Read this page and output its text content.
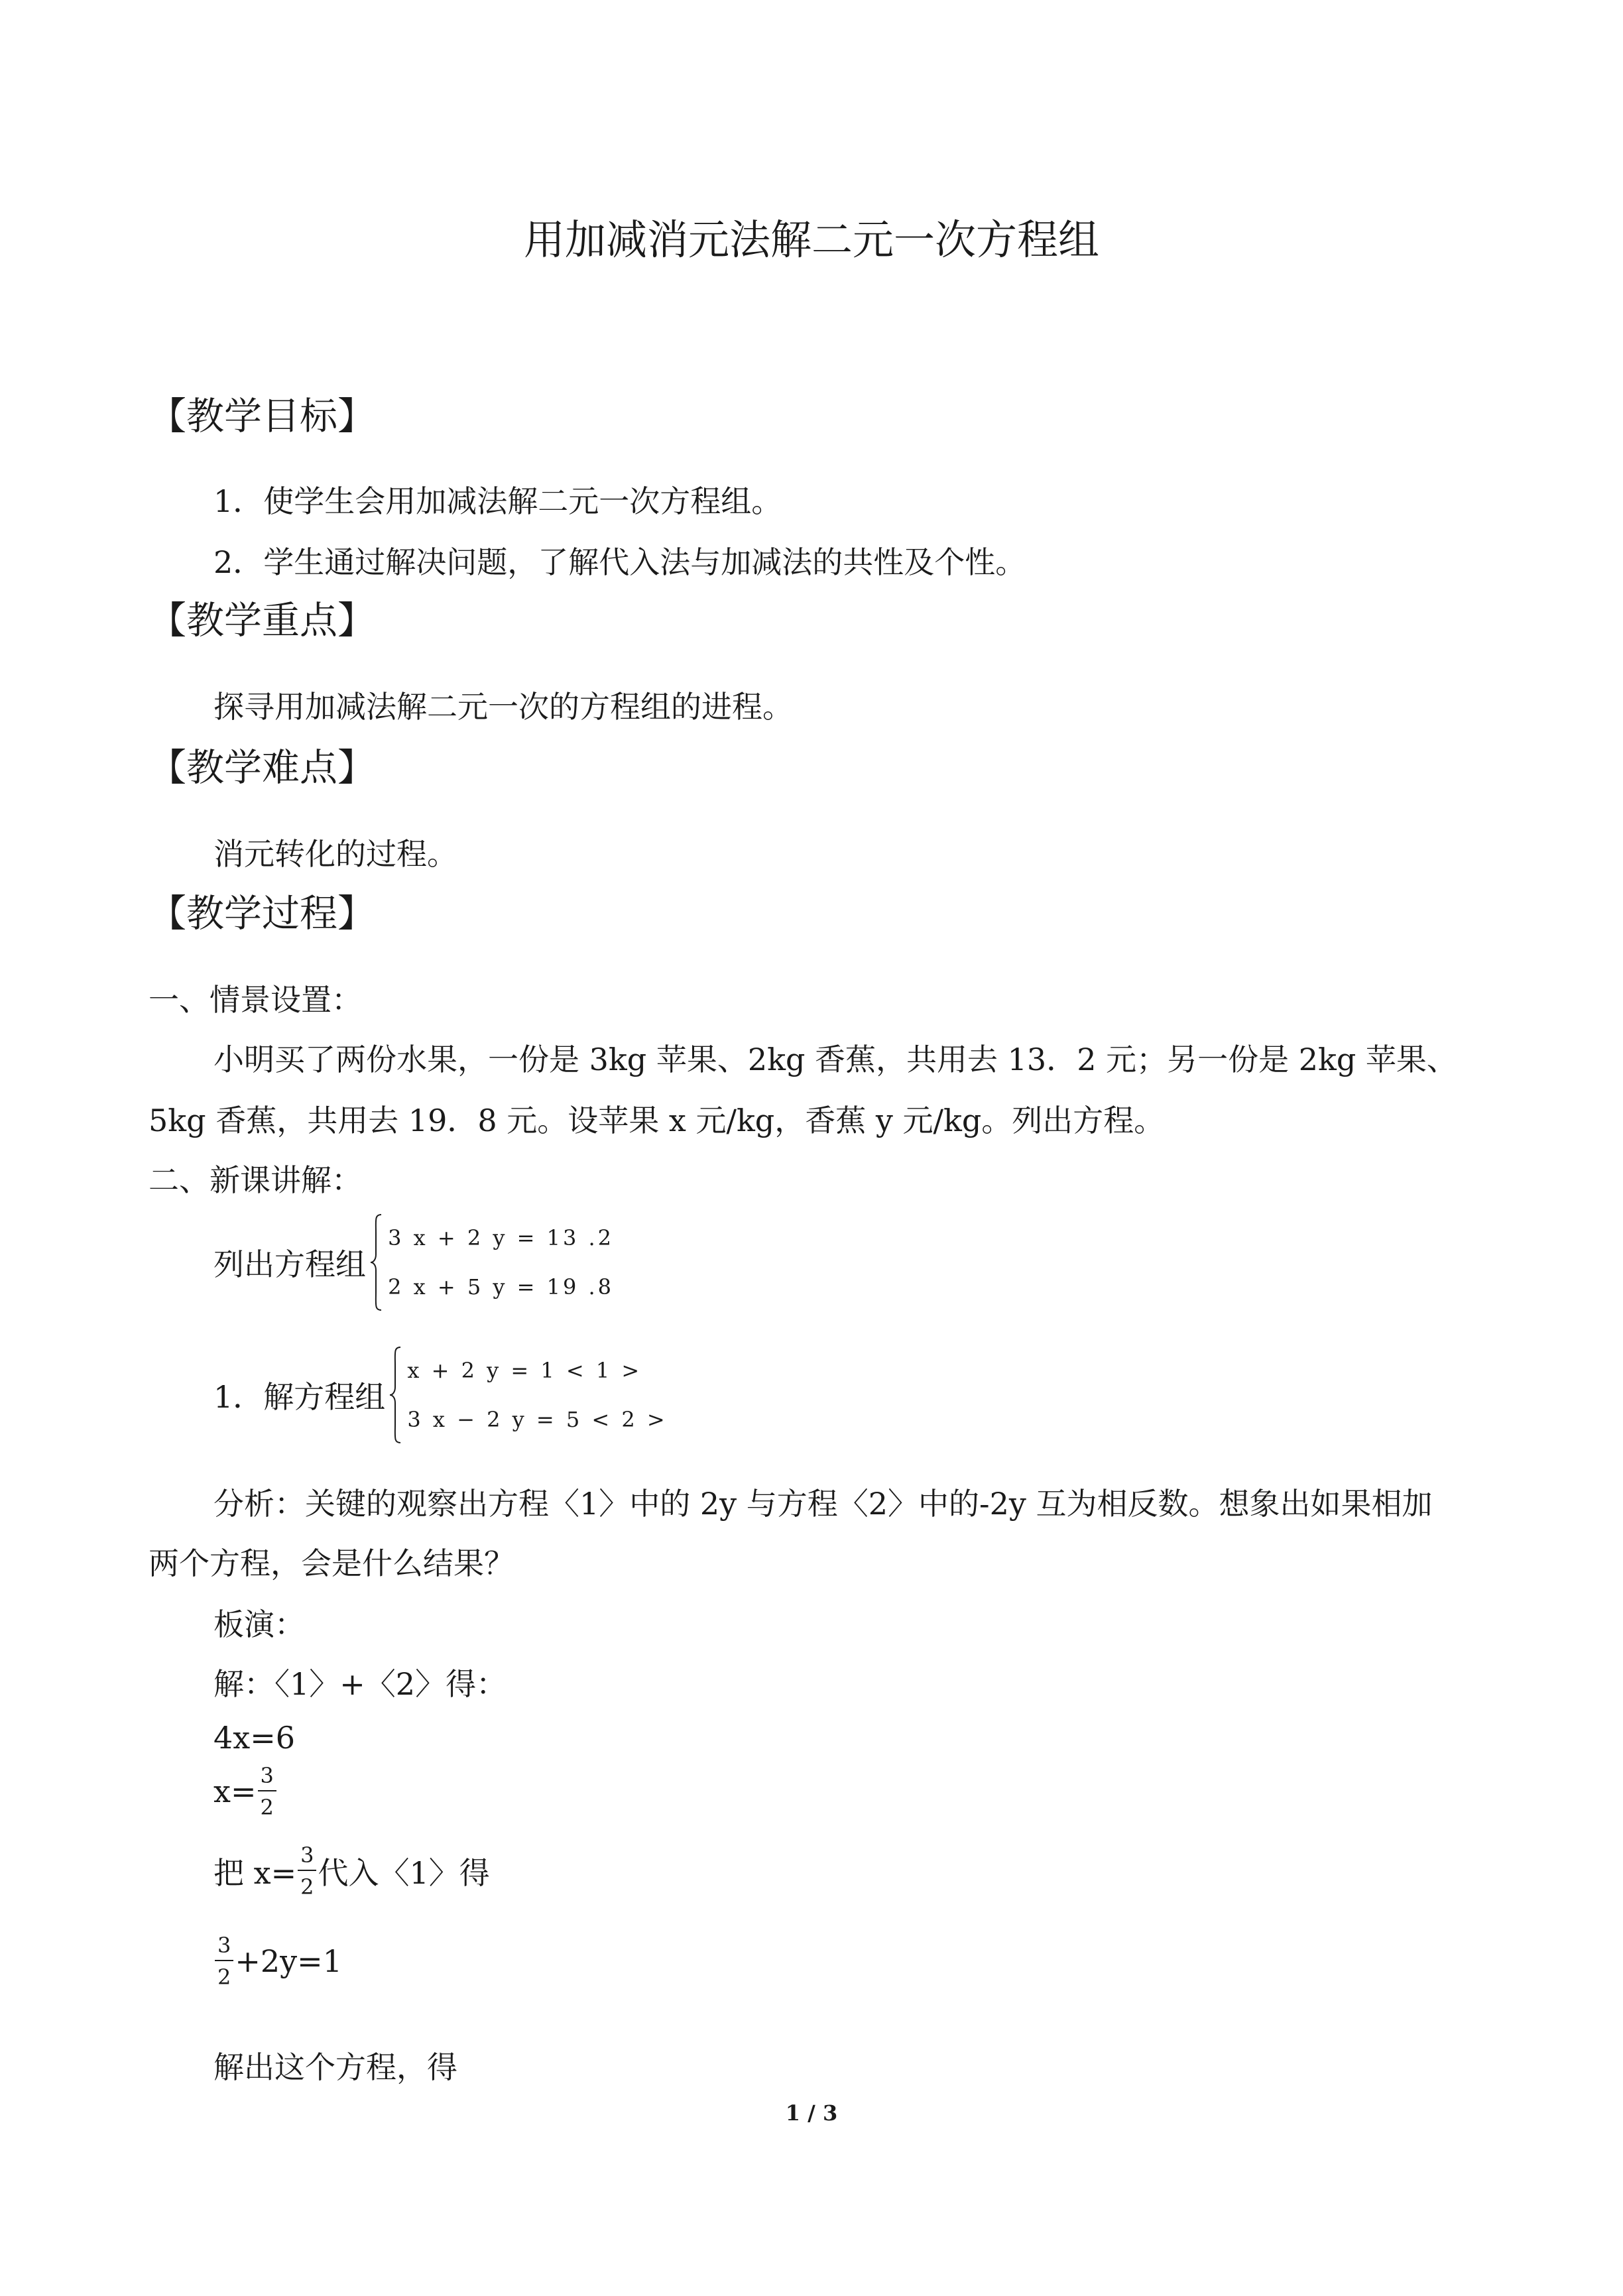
用加减消元法解二元一次方程组
【教学目标】
1．使学生会用加减法解二元一次方程组。
2．学生通过解决问题，了解代入法与加减法的共性及个性。
【教学重点】
探寻用加减法解二元一次的方程组的进程。
【教学难点】
消元转化的过程。
【教学过程】
一、情景设置：
小明买了两份水果，一份是 3kg 苹果、2kg 香蕉，共用去 13．2 元；另一份是 2kg 苹果、
5kg 香蕉，共用去 19．8 元。设苹果 x 元/kg，香蕉 y 元/kg。列出方程。
二、新课讲解：
列出方程组
3 x + 2 y = 13 .2
2 x + 5 y = 19 .8
1．解方程组
x + 2 y = 1 < 1 >
3 x − 2 y = 5 < 2 >
分析：关键的观察出方程〈1〉中的 2y 与方程〈2〉中的-2y 互为相反数。想象出如果相加
两个方程，会是什么结果？
板演：
解：〈1〉+〈2〉得：
4x=6
$x= \frac{3}{2}$
把 $x= \frac{3}{2}$ 代入〈1〉得
$\frac{3}{2} +2y=1$
解出这个方程，得
1 / 3
